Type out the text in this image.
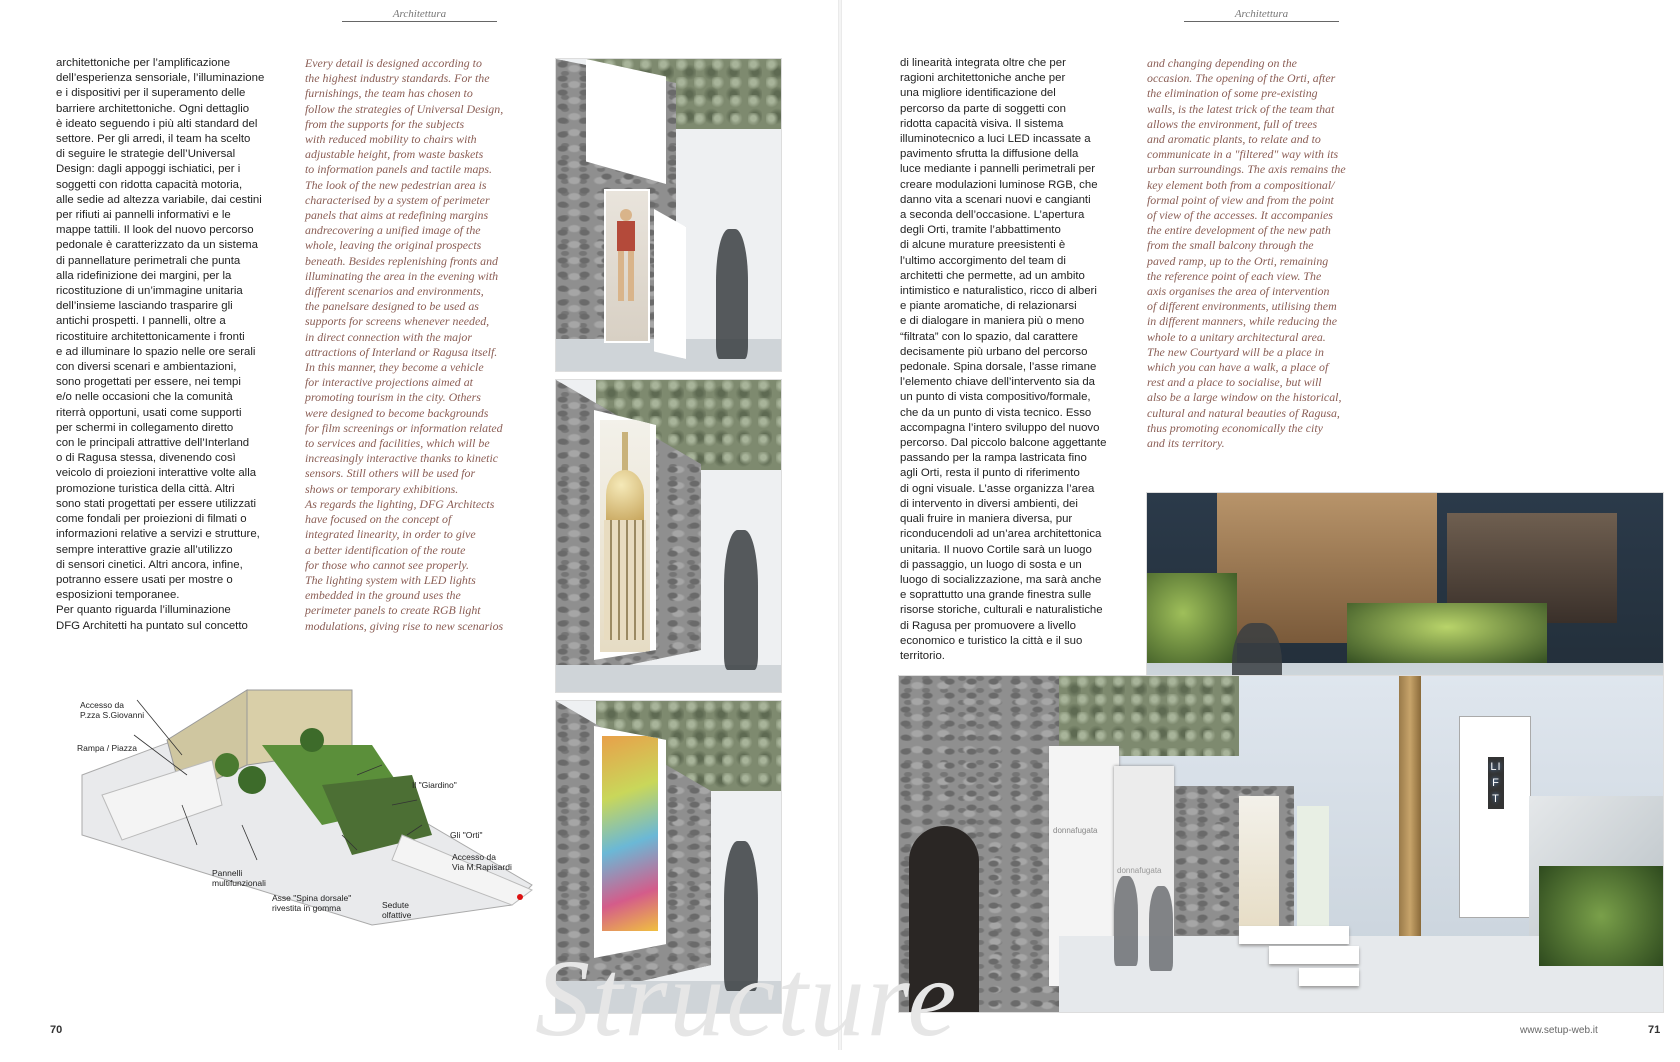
Architettura
architettoniche per l’amplificazione
dell’esperienza sensoriale, l’illuminazione
e i dispositivi per il superamento delle
barriere architettoniche. Ogni dettaglio
è ideato seguendo i più alti standard del
settore. Per gli arredi, il team ha scelto
di seguire le strategie dell’Universal
Design: dagli appoggi ischiatici, per i
soggetti con ridotta capacità motoria,
alle sedie ad altezza variabile, dai cestini
per rifiuti ai pannelli informativi e le
mappe tattili. Il look del nuovo percorso
pedonale è caratterizzato da un sistema
di pannellature perimetrali che punta
alla ridefinizione dei margini, per la
ricostituzione di un’immagine unitaria
dell’insieme lasciando trasparire gli
antichi prospetti. I pannelli, oltre a
ricostituire architettonicamente i fronti
e ad illuminare lo spazio nelle ore serali
con diversi scenari e ambientazioni,
sono progettati per essere, nei tempi
e/o nelle occasioni che la comunità
riterrà opportuni, usati come supporti
per schermi in collegamento diretto
con le principali attrattive dell’Interland
o di Ragusa stessa, divenendo così
veicolo di proiezioni interattive volte alla
promozione turistica della città. Altri
sono stati progettati per essere utilizzati
come fondali per proiezioni di filmati o
informazioni relative a servizi e strutture,
sempre interattive grazie all’utilizzo
di sensori cinetici. Altri ancora, infine,
potranno essere usati per mostre o
esposizioni temporanee.
Per quanto riguarda l’illuminazione
DFG Architetti ha puntato sul concetto
Every detail is designed according to
the highest industry standards. For the
furnishings, the team has chosen to
follow the strategies of Universal Design,
from the supports for the subjects
with reduced mobility to chairs with
adjustable height, from waste baskets
to information panels and tactile maps.
The look of the new pedestrian area is
characterised by a system of perimeter
panels that aims at redefining margins
andrecovering a unified image of the
whole, leaving the original prospects
beneath. Besides replenishing fronts and
illuminating the area in the evening with
different scenarios and environments,
the panelsare designed to be used as
supports for screens whenever needed,
in direct connection with the major
attractions of Interland or Ragusa itself.
In this manner, they become a vehicle
for interactive projections aimed at
promoting tourism in the city. Others
were designed to become backgrounds
for film screenings or information related
to services and facilities, which will be
increasingly interactive thanks to kinetic
sensors. Still others will be used for
shows or temporary exhibitions.
As regards the lighting, DFG Architects
have focused on the concept of
integrated linearity, in order to give
a better identification of the route
for those who cannot see properly.
The lighting system with LED lights
embedded in the ground uses the
perimeter panels to create RGB light
modulations, giving rise to new scenarios
Accesso da
P.zza S.Giovanni
Rampa / Piazza
Il "Giardino"
Gli "Orti"
Accesso da
Via M.Rapisardi
Pannelli
multifunzionali
Asse "Spina dorsale"
rivestita in gomma	Sedute
olfattive
70
Architettura
di linearità integrata oltre che per
ragioni architettoniche anche per
una migliore identificazione del
percorso da parte di soggetti con
ridotta capacità visiva. Il sistema
illuminotecnico a luci LED incassate a
pavimento sfrutta la diffusione della
luce mediante i pannelli perimetrali per
creare modulazioni luminose RGB, che
danno vita a scenari nuovi e cangianti
a seconda dell’occasione. L’apertura
degli Orti, tramite l’abbattimento
di alcune murature preesistenti è
l’ultimo accorgimento del team di
architetti che permette, ad un ambito
intimistico e naturalistico, ricco di alberi
e piante aromatiche, di relazionarsi
e di dialogare in maniera più o meno
“filtrata” con lo spazio, dal carattere
decisamente più urbano del percorso
pedonale. Spina dorsale, l’asse rimane
l’elemento chiave dell’intervento sia da
un punto di vista compositivo/formale,
che da un punto di vista tecnico. Esso
accompagna l’intero sviluppo del nuovo
percorso. Dal piccolo balcone aggettante
passando per la rampa lastricata fino
agli Orti, resta il punto di riferimento
di ogni visuale. L’asse organizza l’area
di intervento in diversi ambienti, dei
quali fruire in maniera diversa, pur
riconducendoli ad un’area architettonica
unitaria. Il nuovo Cortile sarà un luogo
di passaggio, un luogo di sosta e un
luogo di socializzazione, ma sarà anche
e soprattutto una grande finestra sulle
risorse storiche, culturali e naturalistiche
di Ragusa per promuovere a livello
economico e turistico la città e il suo
territorio.
and changing depending on the
occasion. The opening of the Orti, after
the elimination of some pre-existing
walls, is the latest trick of the team that
allows the environment, full of trees
and aromatic plants, to relate and to
communicate in a "filtered" way with its
urban surroundings. The axis remains the
key element both from a compositional/
formal point of view and from the point
of view of the accesses. It accompanies
the entire development of the new path
from the small balcony through the
paved ramp, up to the Orti, remaining
the reference point of each view. The
axis organises the area of intervention
of different environments, utilising them
in different manners, while reducing the
whole to a unitary architectural area.
The new Courtyard will be a place in
which you can have a walk, a place of
rest and a place to socialise, but will
also be a large window on the historical,
cultural and natural beauties of Ragusa,
thus promoting economically the city
and its territory.
donnafugata
donnafugata
LIFT
www.setup-web.it	71
Structure
